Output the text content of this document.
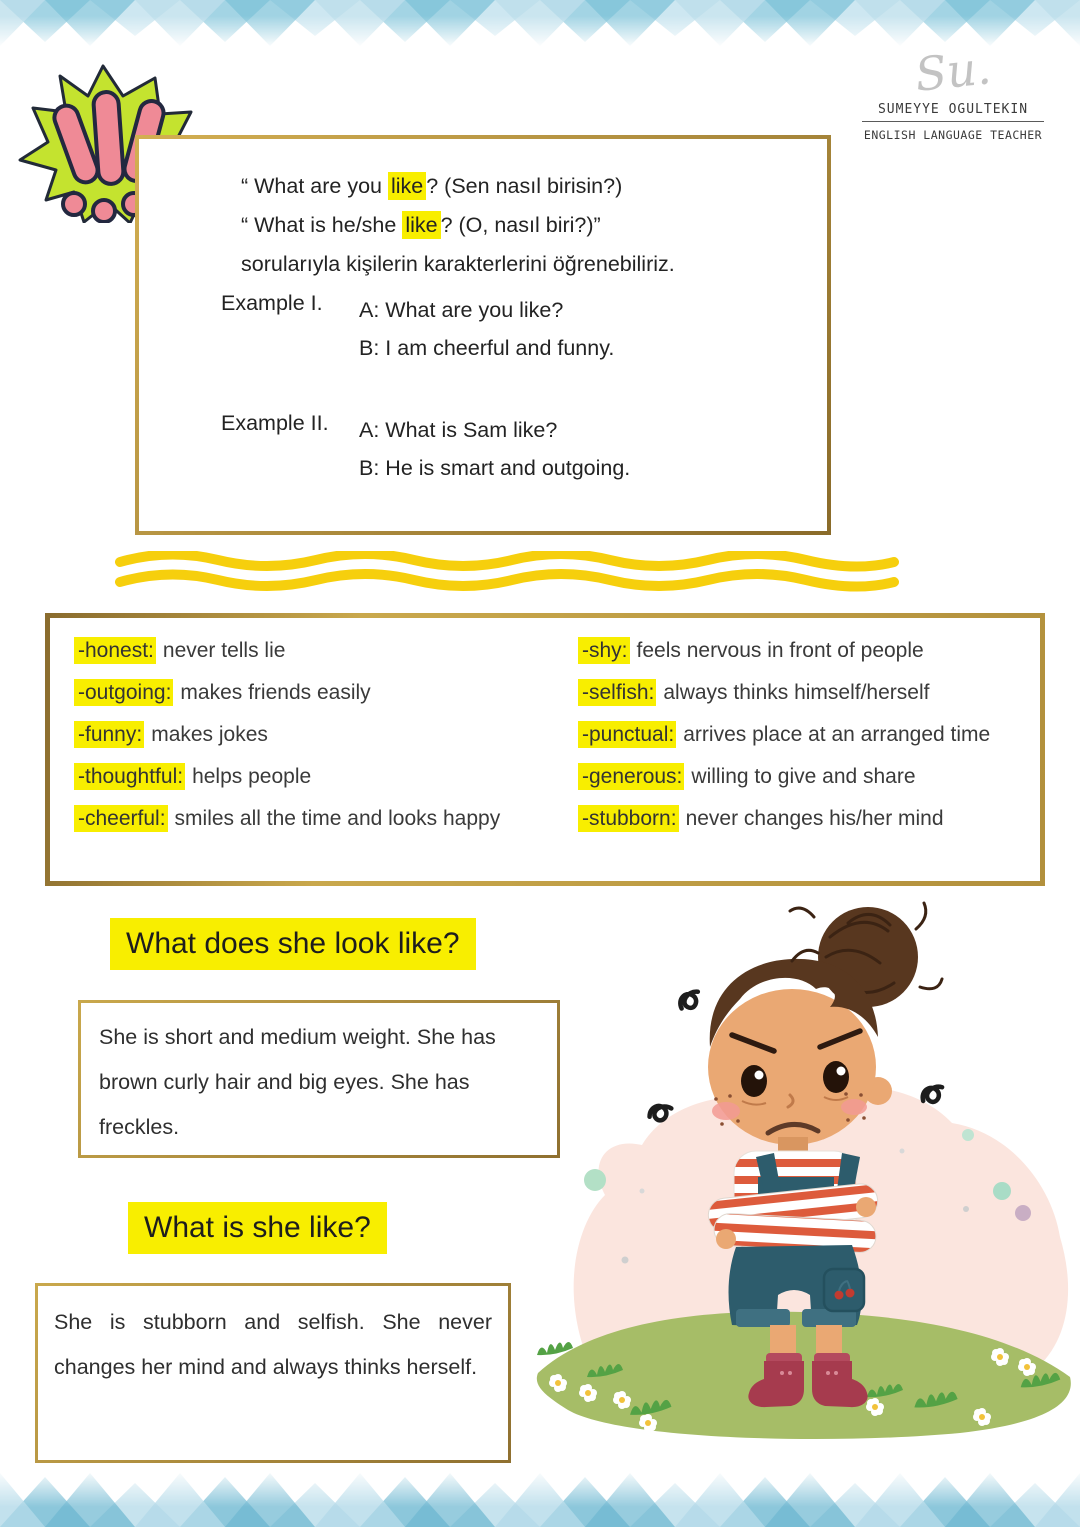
Su.
SUMEYYE OGULTEKIN
ENGLISH LANGUAGE TEACHER
“ What are you like ? (Sen nasıl birisin?)
“ What is he/she like ? (O, nasıl biri?)”
sorularıyla kişilerin karakterlerini öğrenebiliriz.
Example I.	A: What are you like?
B: I am cheerful and funny.
Example II.	A: What is Sam like?
B: He is smart and outgoing.
-honest: never tells lie
-outgoing: makes friends easily
-funny: makes jokes
-thoughtful: helps people
-cheerful: smiles all the time and looks happy
-shy: feels nervous in front of people
-selfish: always thinks himself/herself
-punctual: arrives place at an arranged time
-generous: willing to give and share
-stubborn: never changes his/her mind
What does she look like?
She is short and medium weight. She has brown curly hair and big eyes. She has freckles.
What is she like?
She is stubborn and selfish. She never changes her mind and always thinks herself.
